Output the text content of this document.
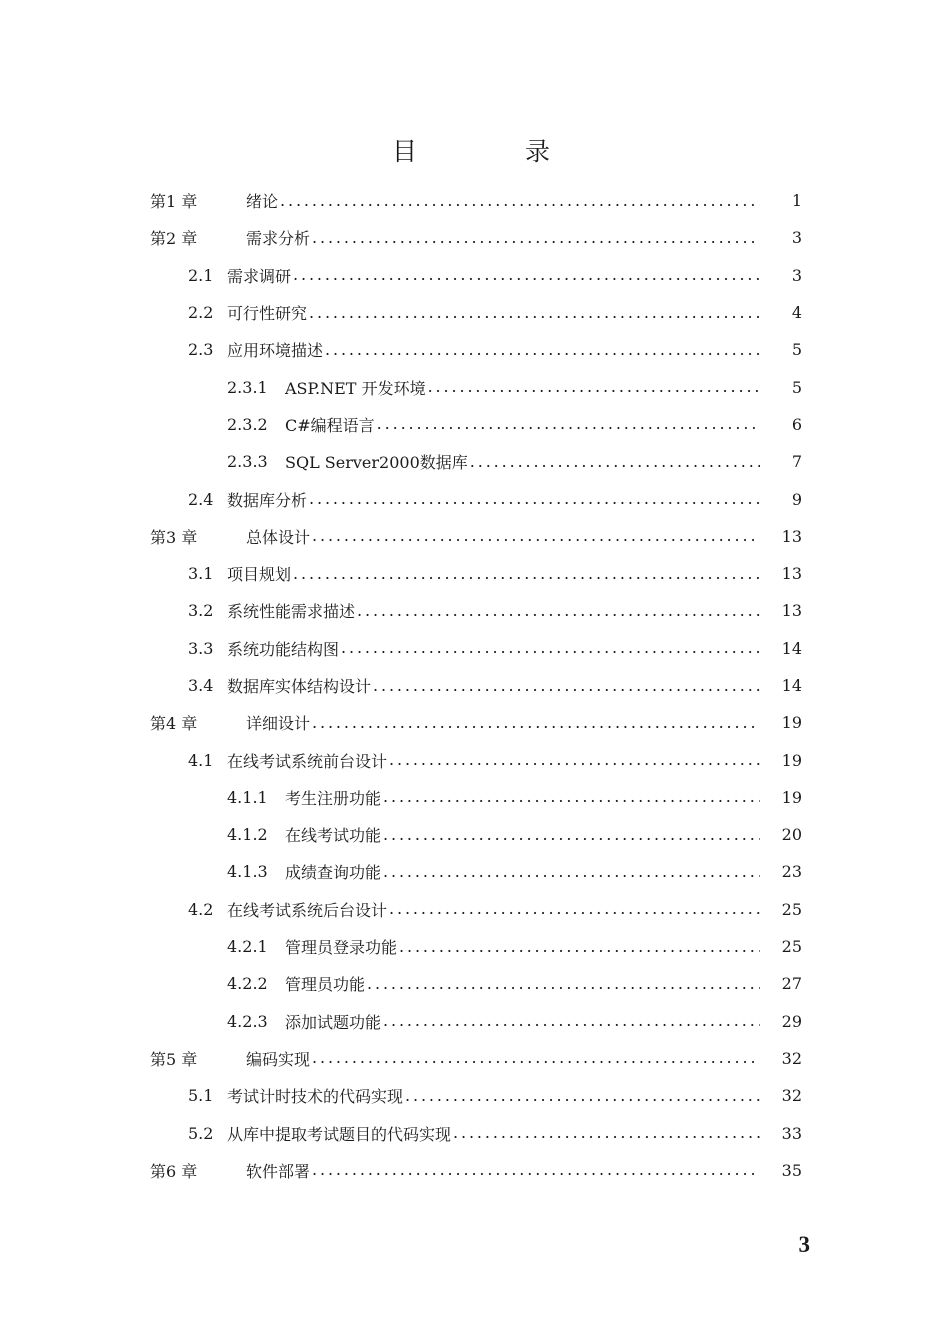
目 录
第1 章	绪论 . . .	1
第2 章	需求分析 . . .	3
2.1 需求调研 . . .	3
2.2 可行性研究 . . .	4
2.3 应用环境描述 . . .	5
2.3.1	ASP.NET 开发环境 . . .	5
2.3.2	C#编程语言 . . .	6
2.3.3	SQL Server2000数据库 . . .	7
2.4 数据库分析 . . .	9
第3 章	总体设计 . . .	13
3.1 项目规划 . . .	13
3.2 系统性能需求描述 . . .	13
3.3 系统功能结构图 . . .	14
3.4 数据库实体结构设计 . . .	14
第4 章	详细设计 . . .	19
4.1 在线考试系统前台设计 . . .	19
4.1.1	考生注册功能 . . .	19
4.1.2	在线考试功能 . . .	20
4.1.3	成绩查询功能 . . .	23
4.2 在线考试系统后台设计 . . .	25
4.2.1	管理员登录功能 . . .	25
4.2.2	管理员功能 . . .	27
4.2.3	添加试题功能 . . .	29
第5 章	编码实现 . . .	32
5.1 考试计时技术的代码实现 . . .	32
5.2 从库中提取考试题目的代码实现 . . .	33
第6 章	软件部署 . . .	35
3
